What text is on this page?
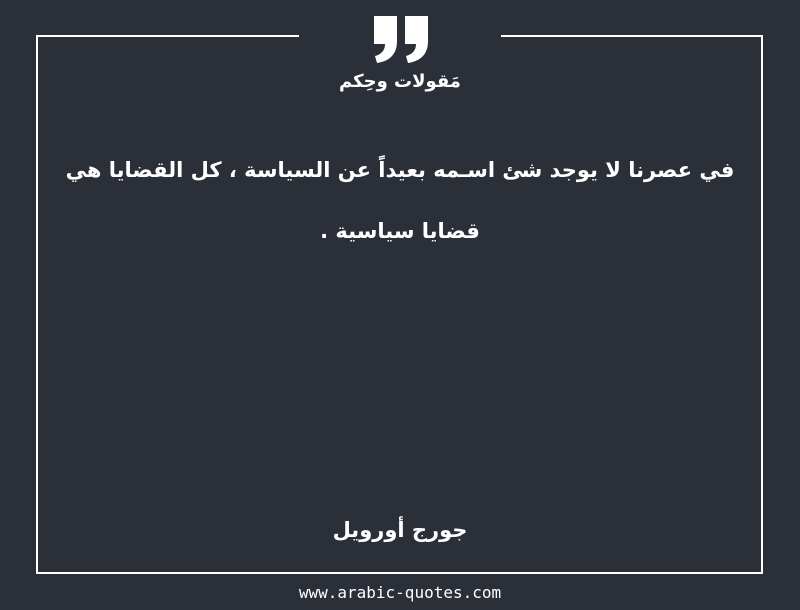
مَقولات وحِكم
في عصرنا لا يوجد شئ اسـمه بعيداً عن السياسة ، كل القضايا هي قضايا سياسية .
جورج أورويل
www.arabic-quotes.com
